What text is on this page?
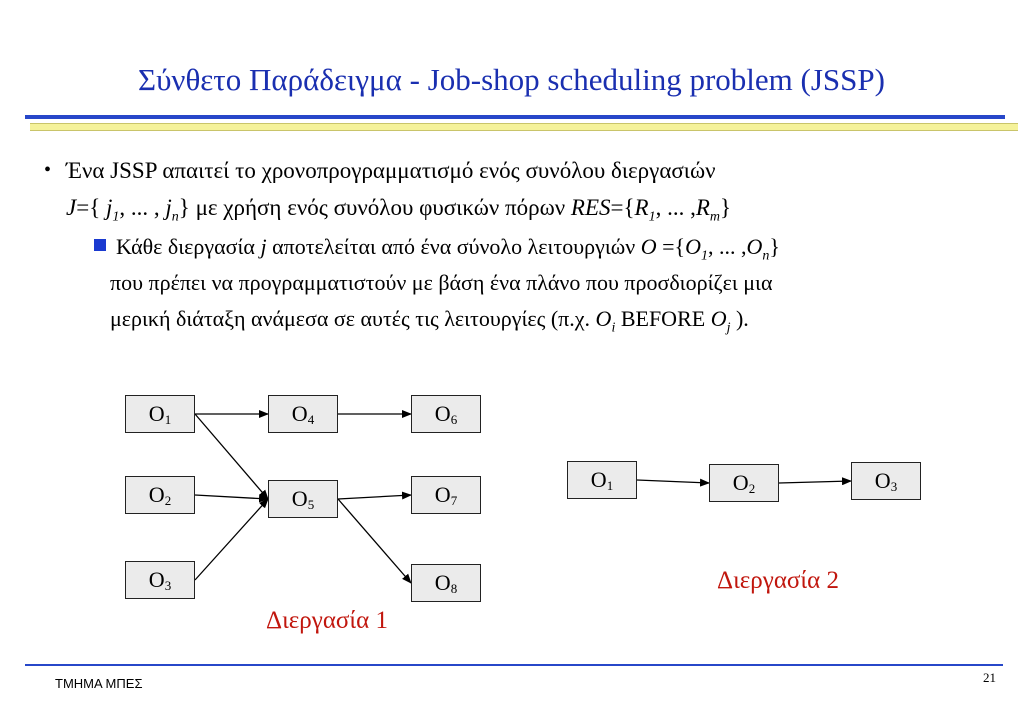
Σύνθετο Παράδειγμα - Job-shop scheduling problem (JSSP)
• Ένα JSSP απαιτεί το χρονοπρογραμματισμό ενός συνόλου διεργασιών
J={ $j_1$, ... , $j_n$} με χρήση ενός συνόλου φυσικών πόρων $RES=\{R_1$, ... $,R_m$}
Κάθε διεργασία j αποτελείται από ένα σύνολο λειτουργιών $O =\{O_1$, ... $,O_n$}
που πρέπει να προγραμματιστούν με βάση ένα πλάνο που προσδιορίζει μια
μερική διάταξη ανάμεσα σε αυτές τις λειτουργίες (π.χ. $O_i$ BEFORE $O_j$ ).
$O_1$
$O_2$
$O_3$
$O_4$
$O_5$
$O_6$
$O_7$
$O_8$
$O_1$	$O_2$	$O_3$
Διεργασία 1
Διεργασία 2
ΤΜΗΜΑ ΜΠΕΣ	21
